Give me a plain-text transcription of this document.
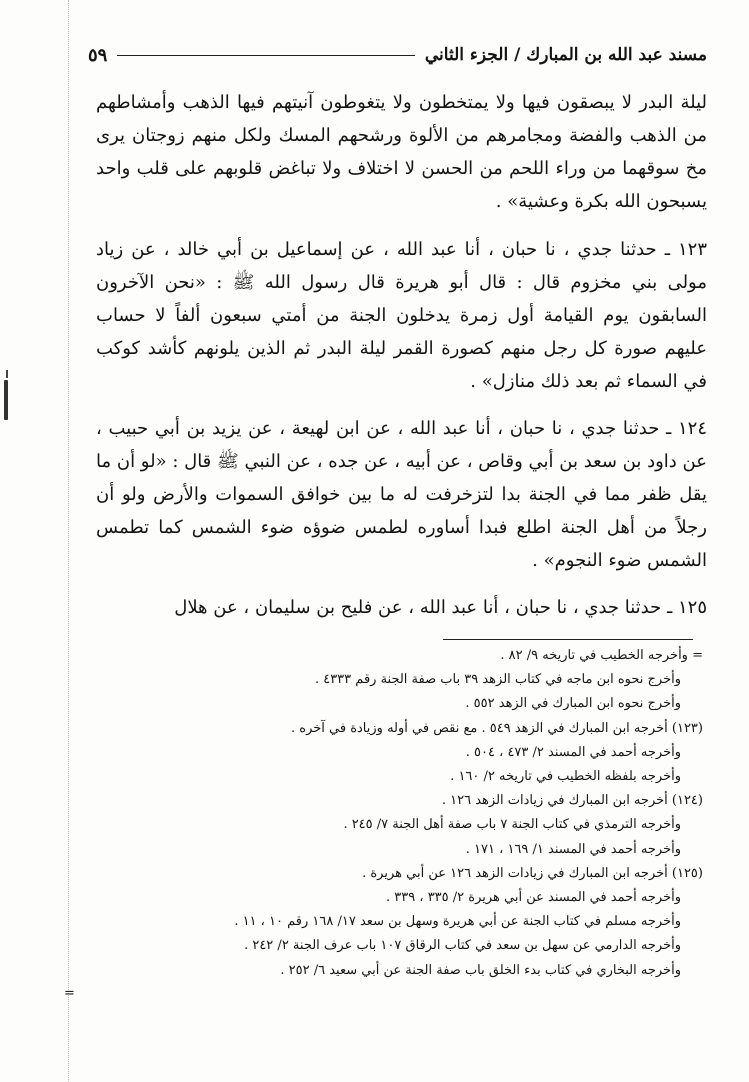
مسند عبد الله بن المبارك / الجزء الثاني
٥٩

ليلة البدر لا يبصقون فيها ولا يمتخطون ولا يتغوطون آنيتهم فيها الذهب وأمشاطهم من الذهب والفضة ومجامرهم من الألوة ورشحهم المسك ولكل منهم زوجتان يرى مخ سوقهما من وراء اللحم من الحسن لا اختلاف ولا تباغض قلوبهم على قلب واحد يسبحون الله بكرة وعشية» .

١٢٣ ـ حدثنا جدي ، نا حبان ، أنا عبد الله ، عن إسماعيل بن أبي خالد ، عن زياد مولى بني مخزوم قال : قال أبو هريرة قال رسول الله ﷺ : «نحن الآخرون السابقون يوم القيامة أول زمرة يدخلون الجنة من أمتي سبعون ألفاً لا حساب عليهم صورة كل رجل منهم كصورة القمر ليلة البدر ثم الذين يلونهم كأشد كوكب في السماء ثم بعد ذلك منازل» .

١٢٤ ـ حدثنا جدي ، نا حبان ، أنا عبد الله ، عن ابن لهيعة ، عن يزيد بن أبي حبيب ، عن داود بن سعد بن أبي وقاص ، عن أبيه ، عن جده ، عن النبي ﷺ قال : «لو أن ما يقل ظفر مما في الجنة بدا لتزخرفت له ما بين خوافق السموات والأرض ولو أن رجلاً من أهل الجنة اطلع فبدا أساوره لطمس ضوؤه ضوء الشمس كما تطمس الشمس ضوء النجوم» .

١٢٥ ـ حدثنا جدي ، نا حبان ، أنا عبد الله ، عن فليح بن سليمان ، عن هلال

= وأخرجه الخطيب في تاريخه ٩/ ٨٢ .
وأخرج نحوه ابن ماجه في كتاب الزهد ٣٩ باب صفة الجنة رقم ٤٣٣٣ .
وأخرج نحوه ابن المبارك في الزهد ٥٥٢ .
(١٢٣) أخرجه ابن المبارك في الزهد ٥٤٩ . مع نقص في أوله وزيادة في آخره .
وأخرجه أحمد في المسند ٢/ ٤٧٣ ، ٥٠٤ .
وأخرجه بلفظه الخطيب في تاريخه ٢/ ١٦٠ .
(١٢٤) أخرجه ابن المبارك في زيادات الزهد ١٢٦ .
وأخرجه الترمذي في كتاب الجنة ٧ باب صفة أهل الجنة ٧/ ٢٤٥ .
وأخرجه أحمد في المسند ١/ ١٦٩ ، ١٧١ .
(١٢٥) أخرجه ابن المبارك في زيادات الزهد ١٢٦ عن أبي هريرة .
وأخرجه أحمد في المسند عن أبي هريرة ٢/ ٣٣٥ ، ٣٣٩ .
وأخرجه مسلم في كتاب الجنة عن أبي هريرة وسهل بن سعد ١٧/ ١٦٨ رقم ١٠ ، ١١ .
وأخرجه الدارمي عن سهل بن سعد في كتاب الرقاق ١٠٧ باب عرف الجنة ٢/ ٢٤٢ .
وأخرجه البخاري في كتاب بدء الخلق باب صفة الجنة عن أبي سعيد ٦/ ٢٥٢ .
=
